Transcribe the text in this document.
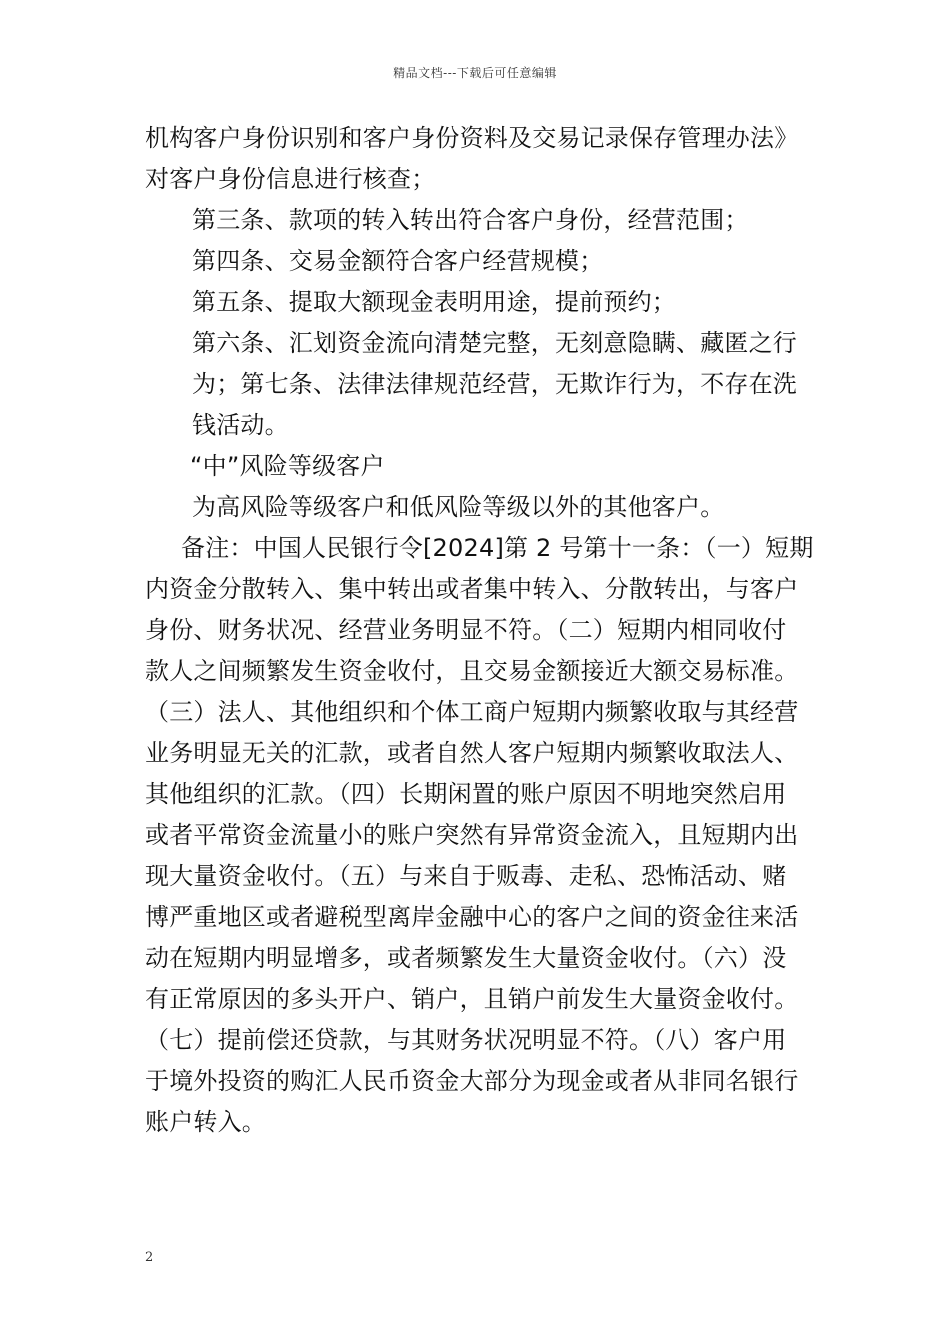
精品文档---下载后可任意编辑
机构客户身份识别和客户身份资料及交易记录保存管理办法》
对客户身份信息进行核查；
第三条、款项的转入转出符合客户身份，经营范围；
第四条、交易金额符合客户经营规模；
第五条、提取大额现金表明用途，提前预约；
第六条、汇划资金流向清楚完整，无刻意隐瞒、藏匿之行
为；第七条、法律法律规范经营，无欺诈行为，不存在洗
钱活动。
“中”风险等级客户
为高风险等级客户和低风险等级以外的其他客户。
备注：中国人民银行令[2024]第 2 号第十一条：（一）短期
内资金分散转入、集中转出或者集中转入、分散转出，与客户
身份、财务状况、经营业务明显不符。（二）短期内相同收付
款人之间频繁发生资金收付，且交易金额接近大额交易标准。
（三）法人、其他组织和个体工商户短期内频繁收取与其经营
业务明显无关的汇款，或者自然人客户短期内频繁收取法人、
其他组织的汇款。（四）长期闲置的账户原因不明地突然启用
或者平常资金流量小的账户突然有异常资金流入，且短期内出
现大量资金收付。（五）与来自于贩毒、走私、恐怖活动、赌
博严重地区或者避税型离岸金融中心的客户之间的资金往来活
动在短期内明显增多，或者频繁发生大量资金收付。（六）没
有正常原因的多头开户、销户，且销户前发生大量资金收付。
（七）提前偿还贷款，与其财务状况明显不符。（八）客户用
于境外投资的购汇人民币资金大部分为现金或者从非同名银行
账户转入。
2
